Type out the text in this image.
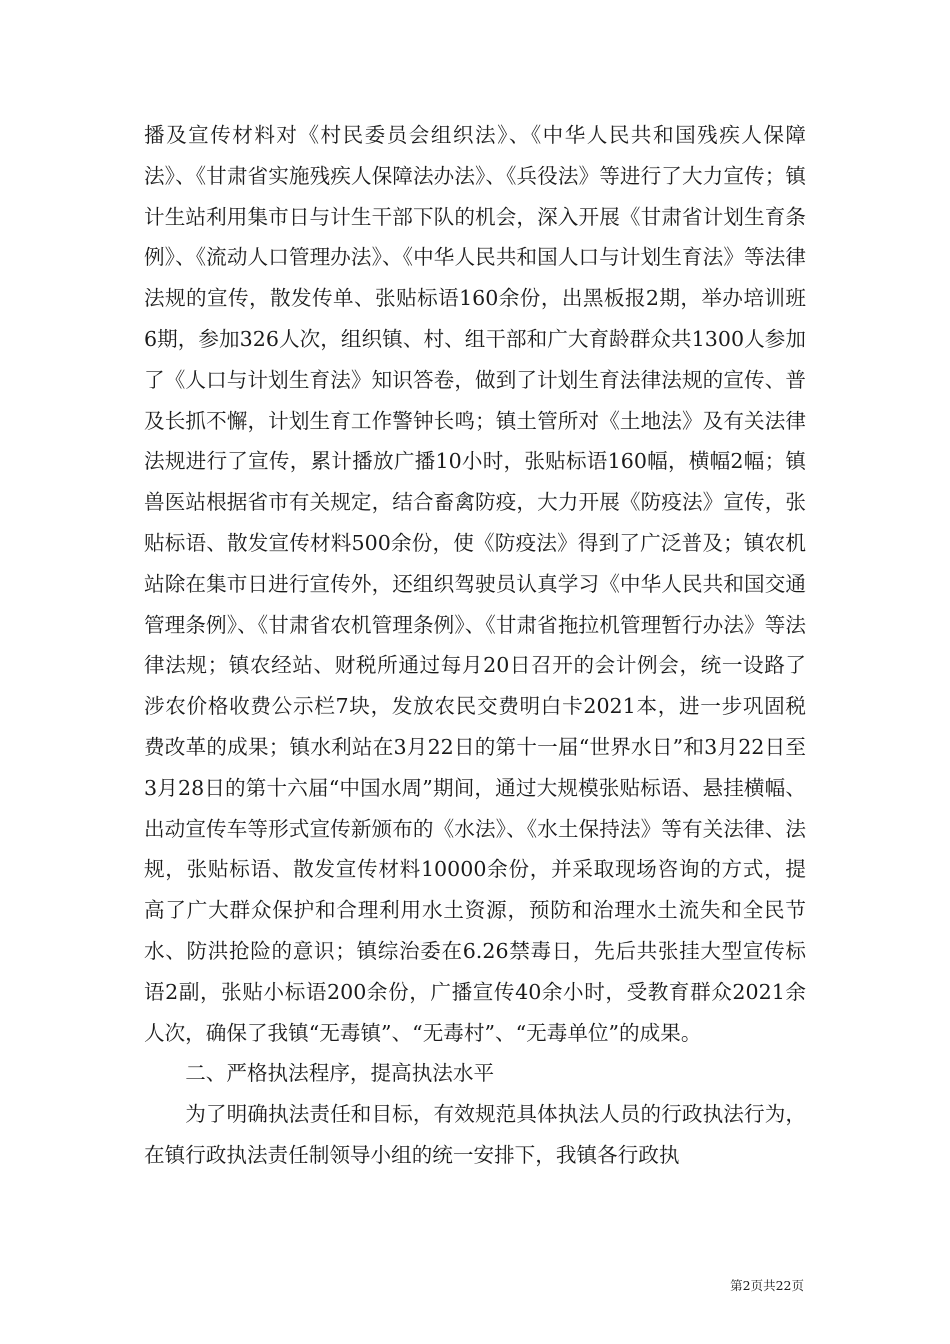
播及宣传材料对《村民委员会组织法》、《中华人民共和国残疾人保障法》、《甘肃省实施残疾人保障法办法》、《兵役法》等进行了大力宣传；镇计生站利用集市日与计生干部下队的机会，深入开展《甘肃省计划生育条例》、《流动人口管理办法》、《中华人民共和国人口与计划生育法》等法律法规的宣传，散发传单、张贴标语160余份，出黑板报2期，举办培训班6期，参加326人次，组织镇、村、组干部和广大育龄群众共1300人参加了《人口与计划生育法》知识答卷，做到了计划生育法律法规的宣传、普及长抓不懈，计划生育工作警钟长鸣；镇土管所对《土地法》及有关法律法规进行了宣传，累计播放广播10小时，张贴标语160幅，横幅2幅；镇兽医站根据省市有关规定，结合畜禽防疫，大力开展《防疫法》宣传，张贴标语、散发宣传材料500余份，使《防疫法》得到了广泛普及；镇农机站除在集市日进行宣传外，还组织驾驶员认真学习《中华人民共和国交通管理条例》、《甘肃省农机管理条例》、《甘肃省拖拉机管理暂行办法》等法律法规；镇农经站、财税所通过每月20日召开的会计例会，统一设路了涉农价格收费公示栏7块，发放农民交费明白卡2021本，进一步巩固税费改革的成果；镇水利站在3月22日的第十一届“世界水日”和3月22日至3月28日的第十六届“中国水周”期间，通过大规模张贴标语、悬挂横幅、出动宣传车等形式宣传新颁布的《水法》、《水土保持法》等有关法律、法规，张贴标语、散发宣传材料10000余份，并采取现场咨询的方式，提高了广大群众保护和合理利用水土资源，预防和治理水土流失和全民节水、防洪抢险的意识；镇综治委在6.26禁毒日，先后共张挂大型宣传标语2副，张贴小标语200余份，广播宣传40余小时，受教育群众2021余人次，确保了我镇“无毒镇”、“无毒村”、“无毒单位”的成果。

二、严格执法程序，提高执法水平

为了明确执法责任和目标，有效规范具体执法人员的行政执法行为，在镇行政执法责任制领导小组的统一安排下，我镇各行政执

第2页共22页
